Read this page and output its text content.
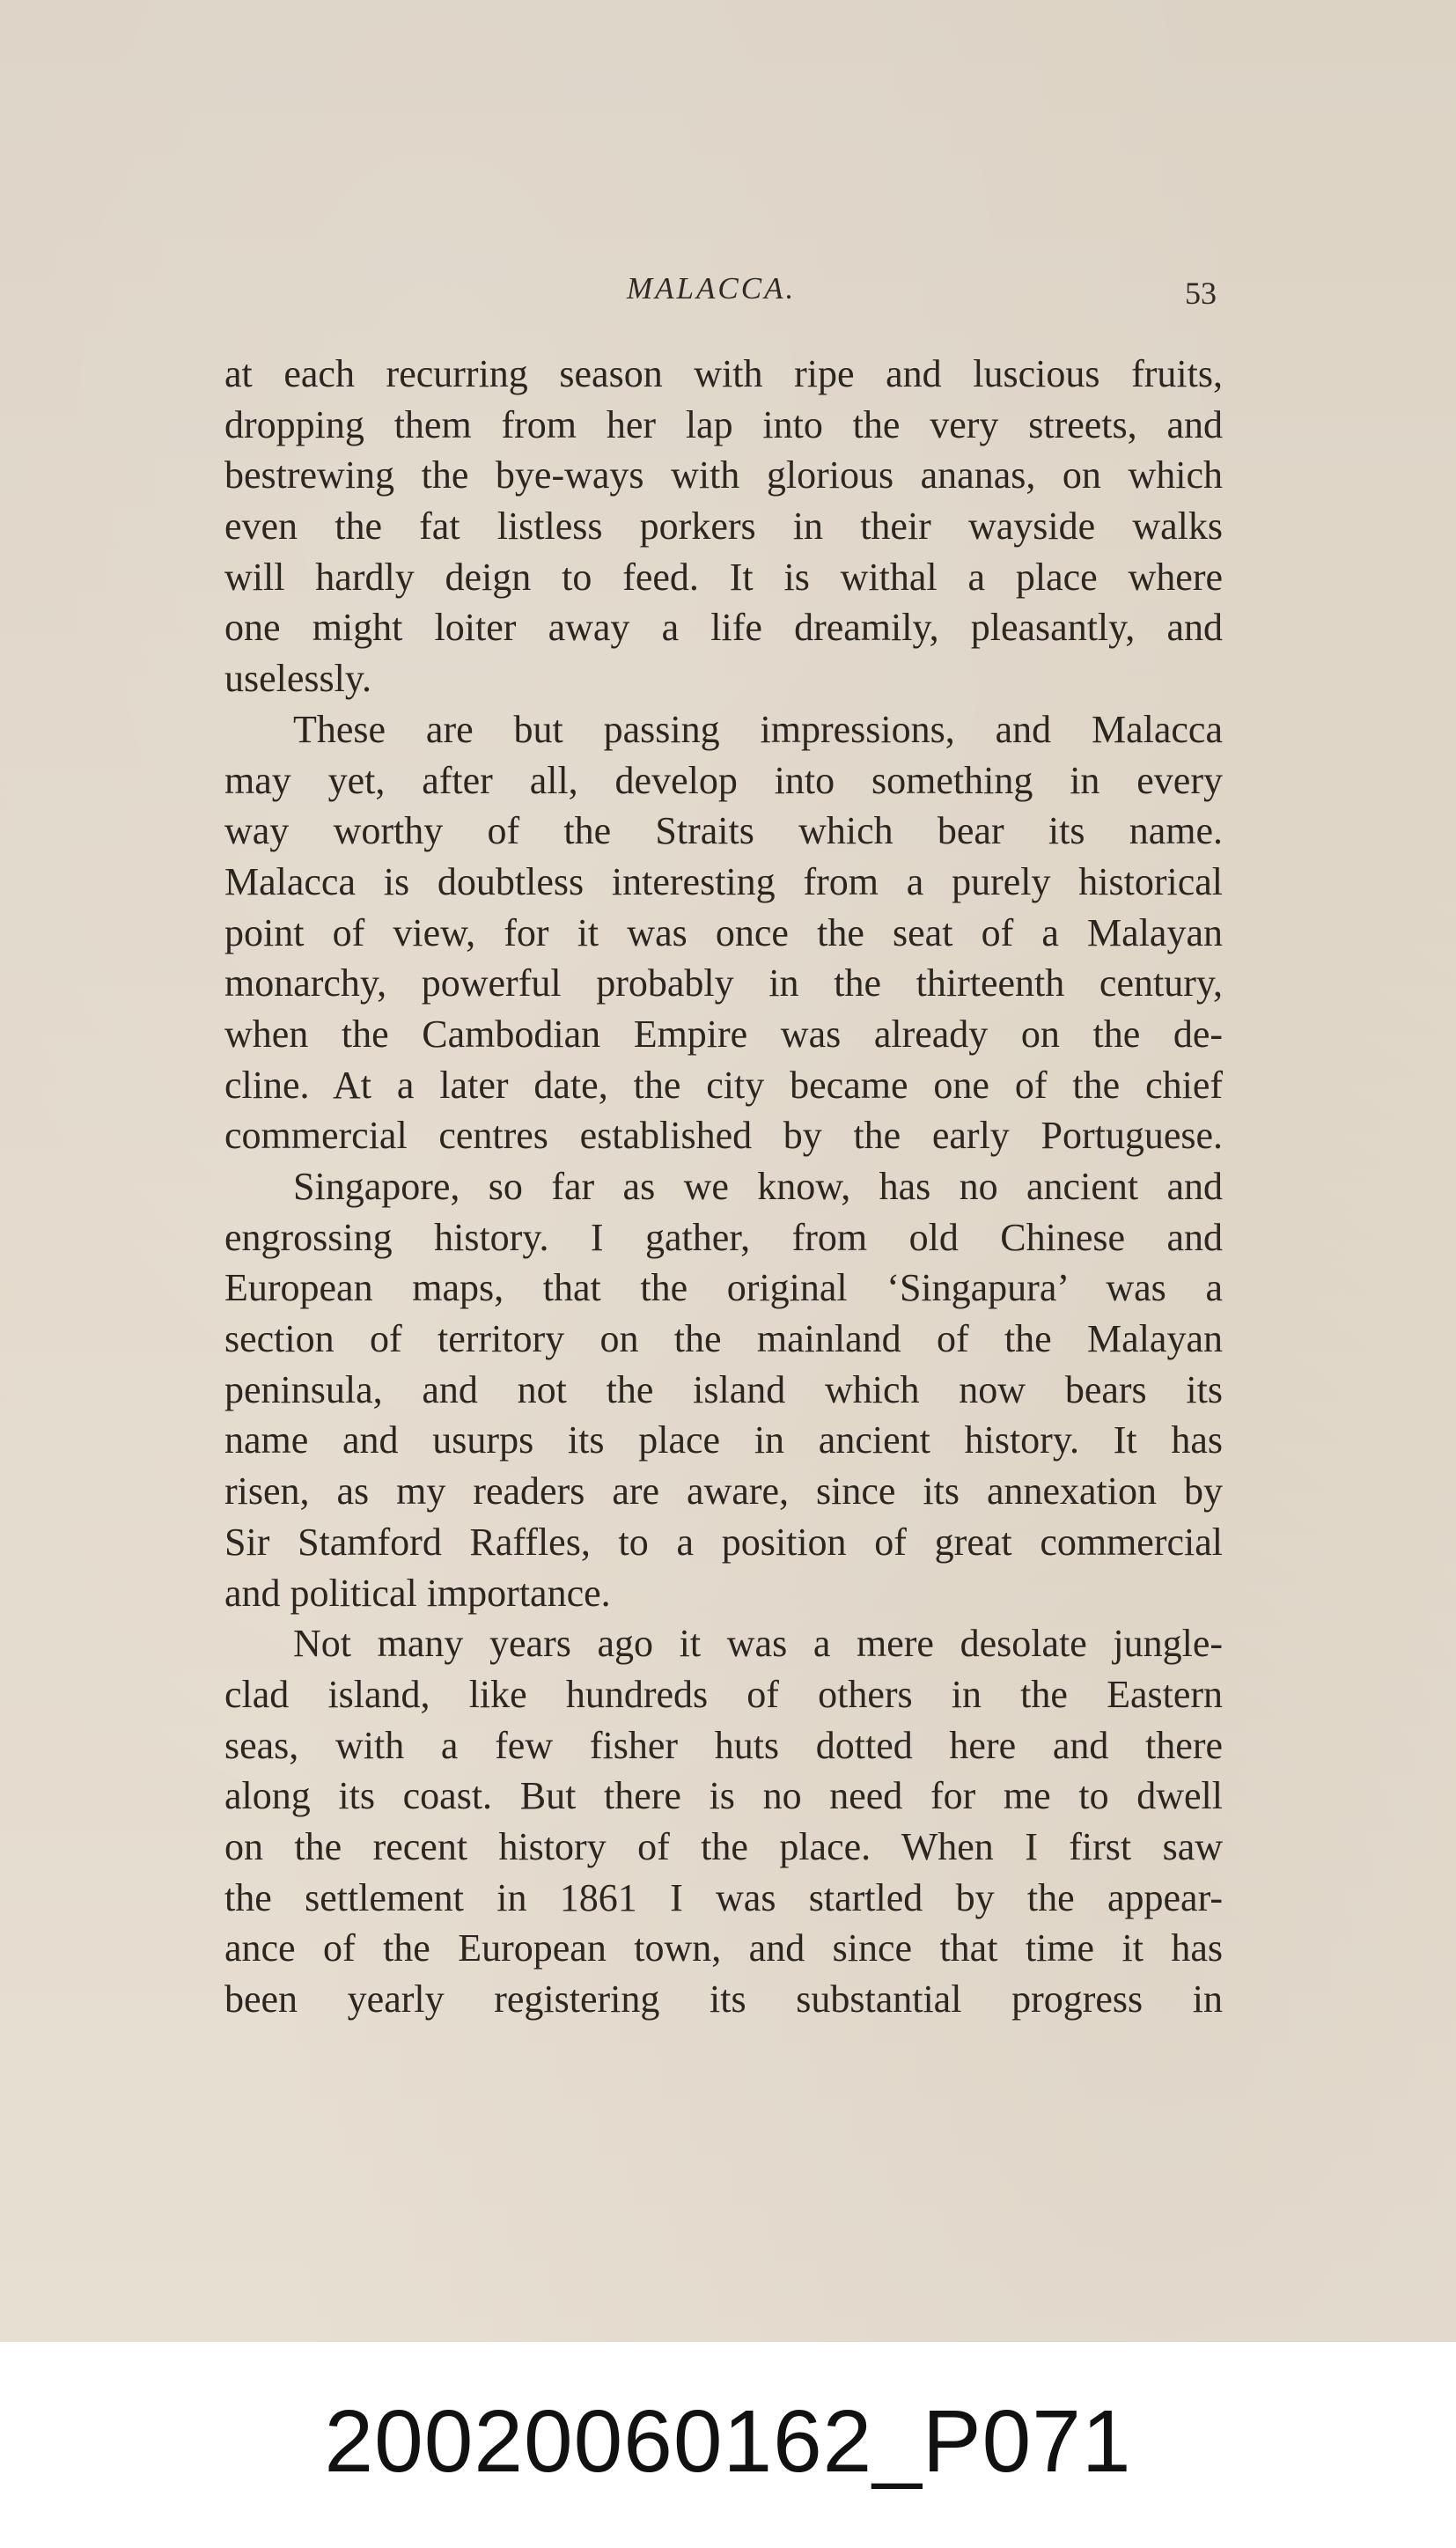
MALACCA.	53
at each recurring season with ripe and luscious fruits,
dropping them from her lap into the very streets, and
bestrewing the bye-ways with glorious ananas, on which
even the fat listless porkers in their wayside walks
will hardly deign to feed. It is withal a place where
one might loiter away a life dreamily, pleasantly, and
uselessly.
These are but passing impressions, and Malacca
may yet, after all, develop into something in every
way worthy of the Straits which bear its name.
Malacca is doubtless interesting from a purely historical
point of view, for it was once the seat of a Malayan
monarchy, powerful probably in the thirteenth century,
when the Cambodian Empire was already on the de-
cline. At a later date, the city became one of the chief
commercial centres established by the early Portuguese.
Singapore, so far as we know, has no ancient and
engrossing history. I gather, from old Chinese and
European maps, that the original ‘Singapura’ was a
section of territory on the mainland of the Malayan
peninsula, and not the island which now bears its
name and usurps its place in ancient history. It has
risen, as my readers are aware, since its annexation by
Sir Stamford Raffles, to a position of great commercial
and political importance.
Not many years ago it was a mere desolate jungle-
clad island, like hundreds of others in the Eastern
seas, with a few fisher huts dotted here and there
along its coast. But there is no need for me to dwell
on the recent history of the place. When I first saw
the settlement in 1861 I was startled by the appear-
ance of the European town, and since that time it has
been yearly registering its substantial progress in
20020060162_P071
